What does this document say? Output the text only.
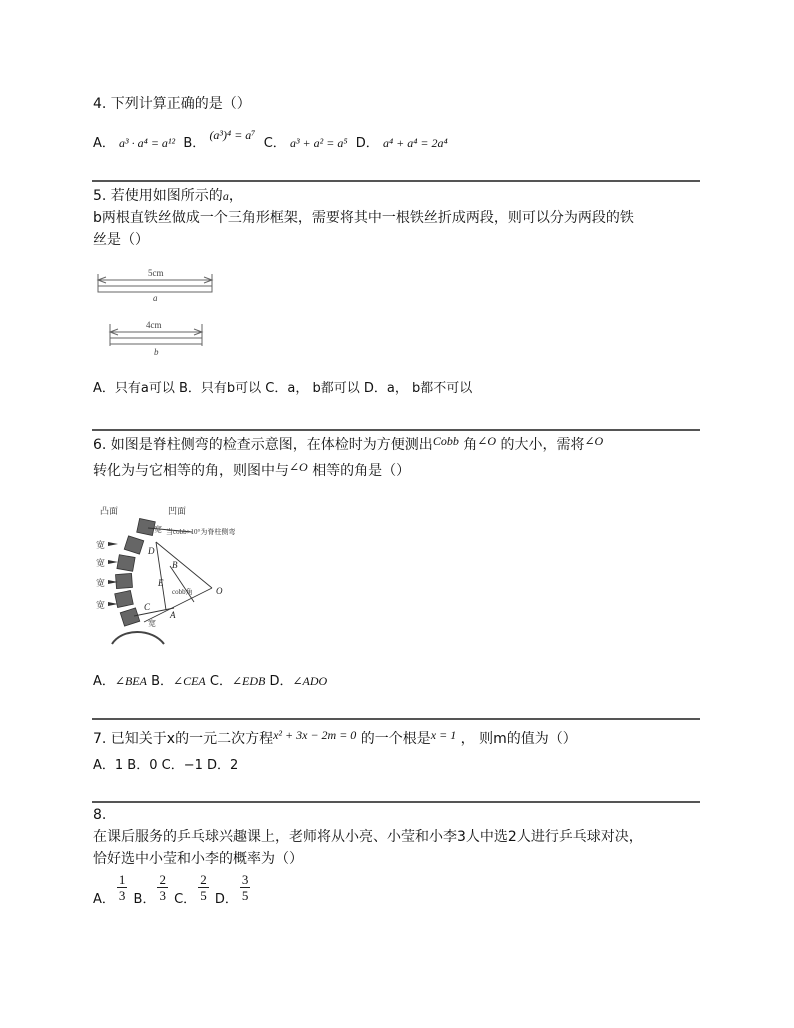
4. 下列计算正确的是（）
A． a³ · a⁴ = a¹² B． (a³)⁴ = a⁷  C． a³ + a² = a⁵ D． a⁴ + a⁴ = 2a⁴
5. 若使用如图所示的a，
b两根直铁丝做成一个三角形框架，需要将其中一根铁丝折成两段，则可以分为两段的铁
丝是（）
5cm
a
4cm
b
A．只有a可以 B．只有b可以 C．a， b都可以 D．a， b都不可以
6. 如图是脊柱侧弯的检查示意图，在体检时为方便测出Cobb 角∠O 的大小，需将∠O
转化为与它相等的角，则图中与∠O 相等的角是（）
凸面	凹面
宽
宽
宽
宽
宽
宽
当cobb>10°为脊柱侧弯
D
B
E
C
A
O
cobb角
A．∠BEA B．∠CEA C．∠EDB D．∠ADO
7. 已知关于x的一元二次方程x² + 3x − 2m = 0 的一个根是x = 1 ， 则m的值为（）
A．1 B．0 C．−1 D．2
8.
在课后服务的乒乓球兴趣课上，老师将从小亮、小莹和小李3人中选2人进行乒乓球对决，
恰好选中小莹和小李的概率为（）
A． $\frac{1}{3}$ B． $\frac{2}{3}$ C． $\frac{2}{5}$ D． $\frac{3}{5}$
